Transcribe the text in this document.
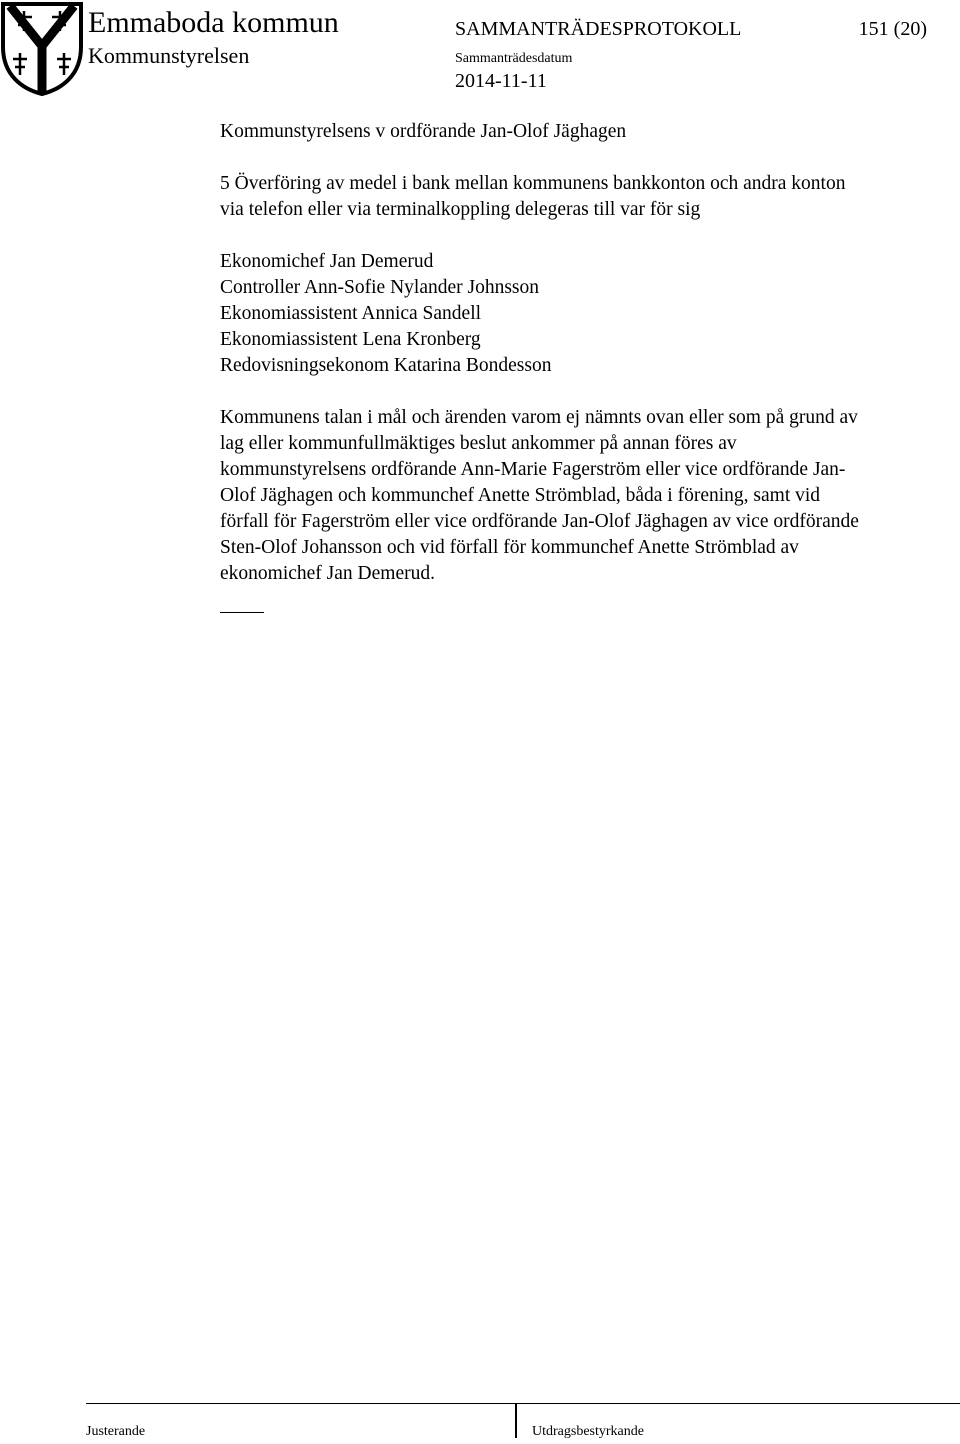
Emmaboda kommun
Kommunstyrelsen
SAMMANTRÄDESPROTOKOLL	151 (20)
Sammanträdesdatum
2014-11-11

Kommunstyrelsens v ordförande Jan-Olof Jäghagen

5 Överföring av medel i bank mellan kommunens bankkonton och andra konton

via telefon eller via terminalkoppling delegeras till var för sig

Ekonomichef Jan Demerud
Controller Ann-Sofie Nylander Johnsson
Ekonomiassistent Annica Sandell
Ekonomiassistent Lena Kronberg
Redovisningsekonom Katarina Bondesson

Kommunens talan i mål och ärenden varom ej nämnts ovan eller som på grund av

lag eller kommunfullmäktiges beslut ankommer på annan föres av

kommunstyrelsens ordförande Ann-Marie Fagerström eller vice ordförande Jan-

Olof Jäghagen och kommunchef Anette Strömblad, båda i förening, samt vid

förfall för Fagerström eller vice ordförande Jan-Olof Jäghagen av vice ordförande

Sten-Olof Johansson och vid förfall för kommunchef Anette Strömblad av

ekonomichef Jan Demerud.

Justerande	Utdragsbestyrkande
